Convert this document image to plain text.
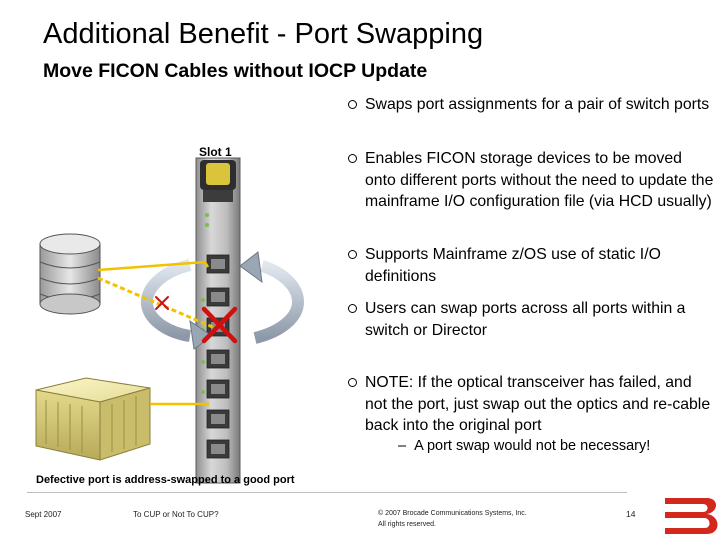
Additional Benefit - Port Swapping
Move FICON Cables without IOCP Update
Slot 1
Swaps port assignments for a pair of switch ports
Enables FICON storage devices to be moved onto different ports without the need to update the mainframe I/O configuration file (via HCD usually)
Supports Mainframe z/OS use of static I/O definitions
Users can swap ports across all ports within a switch or Director
NOTE: If the optical transceiver has failed, and not the port, just swap out the optics and re-cable back into the original port
– A port swap would not be necessary!
Defective port is address-swapped to a good port
Sept 2007	To CUP or Not To CUP?	© 2007 Brocade Communications Systems, Inc.
All rights reserved.
14
